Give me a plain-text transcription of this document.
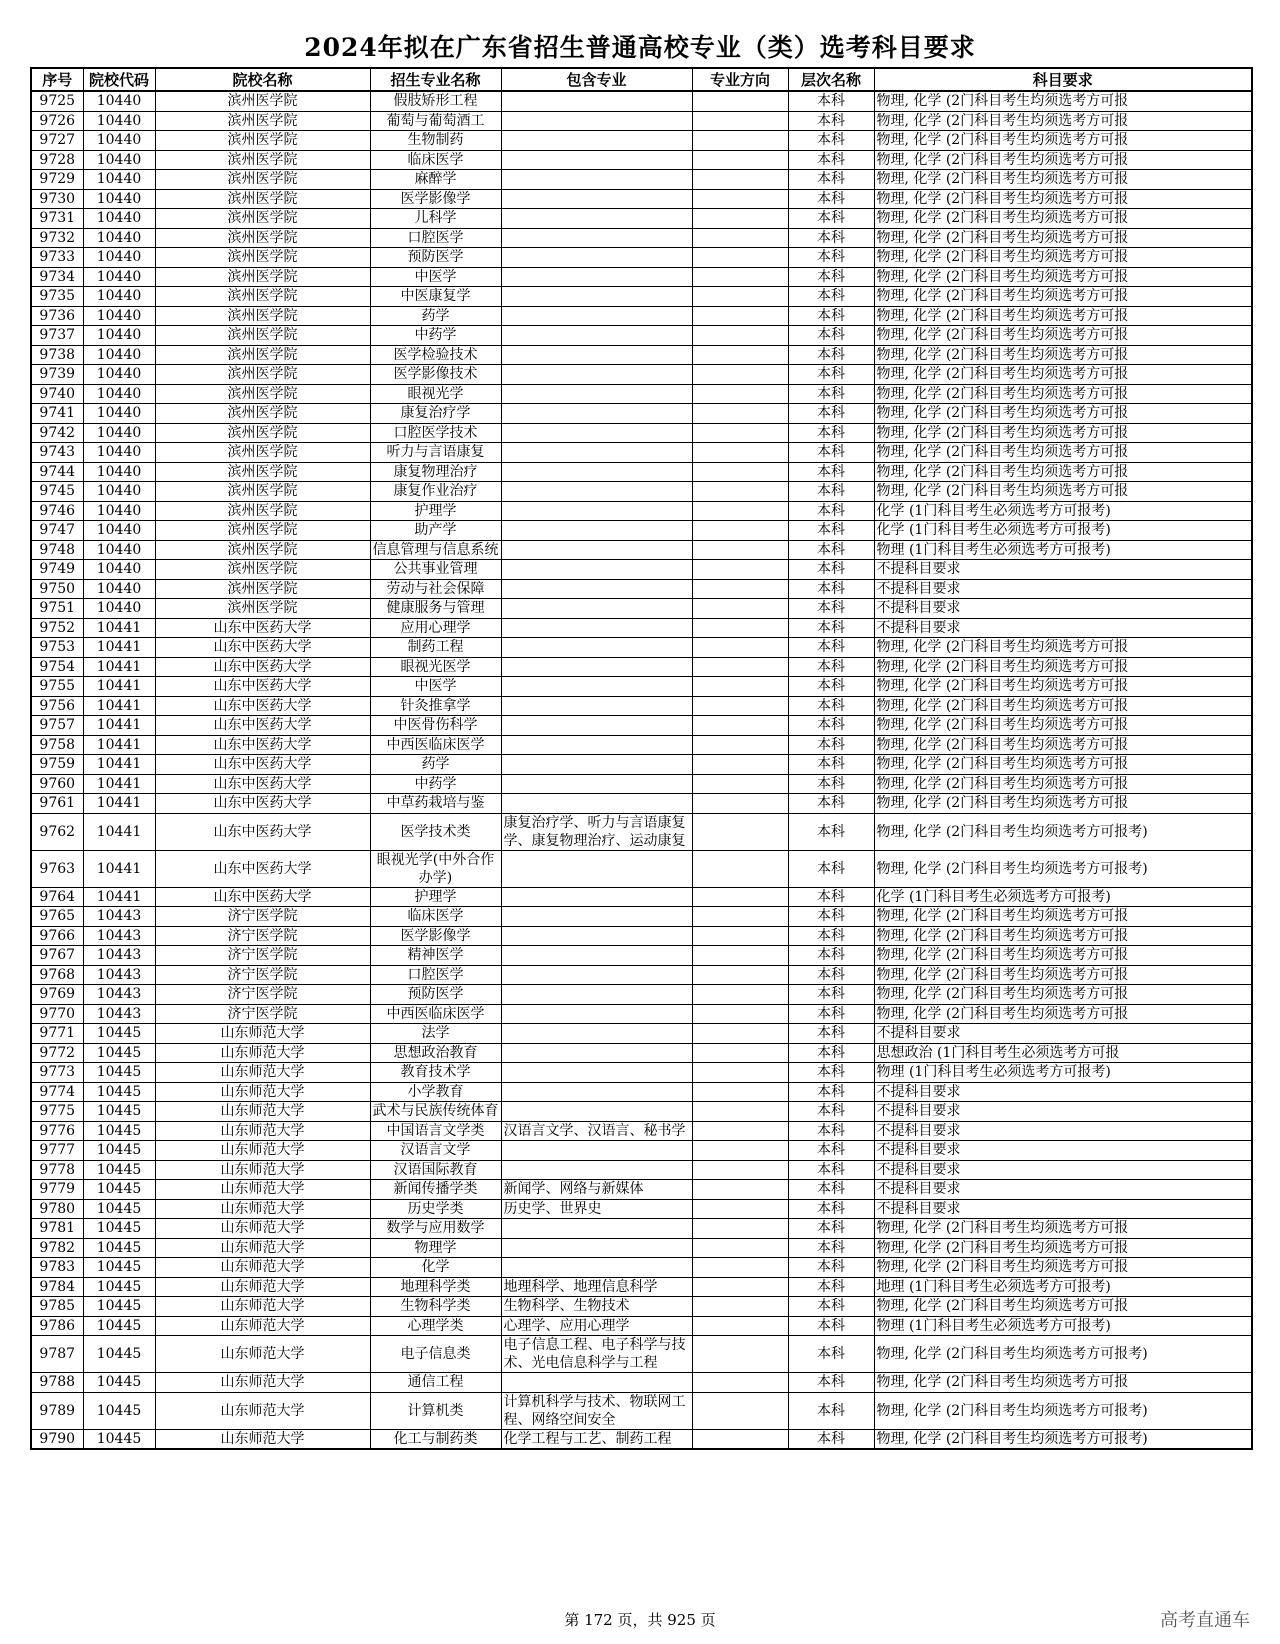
2024年拟在广东省招生普通高校专业（类）选考科目要求
序号	院校代码	院校名称	招生专业名称	包含专业	专业方向	层次名称	科目要求
9725	10440	滨州医学院	假肢矫形工程			本科	物理, 化学 (2门科目考生均须选考方可报
9726	10440	滨州医学院	葡萄与葡萄酒工			本科	物理, 化学 (2门科目考生均须选考方可报
9727	10440	滨州医学院	生物制药			本科	物理, 化学 (2门科目考生均须选考方可报
9728	10440	滨州医学院	临床医学			本科	物理, 化学 (2门科目考生均须选考方可报
9729	10440	滨州医学院	麻醉学			本科	物理, 化学 (2门科目考生均须选考方可报
9730	10440	滨州医学院	医学影像学			本科	物理, 化学 (2门科目考生均须选考方可报
9731	10440	滨州医学院	儿科学			本科	物理, 化学 (2门科目考生均须选考方可报
9732	10440	滨州医学院	口腔医学			本科	物理, 化学 (2门科目考生均须选考方可报
9733	10440	滨州医学院	预防医学			本科	物理, 化学 (2门科目考生均须选考方可报
9734	10440	滨州医学院	中医学			本科	物理, 化学 (2门科目考生均须选考方可报
9735	10440	滨州医学院	中医康复学			本科	物理, 化学 (2门科目考生均须选考方可报
9736	10440	滨州医学院	药学			本科	物理, 化学 (2门科目考生均须选考方可报
9737	10440	滨州医学院	中药学			本科	物理, 化学 (2门科目考生均须选考方可报
9738	10440	滨州医学院	医学检验技术			本科	物理, 化学 (2门科目考生均须选考方可报
9739	10440	滨州医学院	医学影像技术			本科	物理, 化学 (2门科目考生均须选考方可报
9740	10440	滨州医学院	眼视光学			本科	物理, 化学 (2门科目考生均须选考方可报
9741	10440	滨州医学院	康复治疗学			本科	物理, 化学 (2门科目考生均须选考方可报
9742	10440	滨州医学院	口腔医学技术			本科	物理, 化学 (2门科目考生均须选考方可报
9743	10440	滨州医学院	听力与言语康复			本科	物理, 化学 (2门科目考生均须选考方可报
9744	10440	滨州医学院	康复物理治疗			本科	物理, 化学 (2门科目考生均须选考方可报
9745	10440	滨州医学院	康复作业治疗			本科	物理, 化学 (2门科目考生均须选考方可报
9746	10440	滨州医学院	护理学			本科	化学 (1门科目考生必须选考方可报考)
9747	10440	滨州医学院	助产学			本科	化学 (1门科目考生必须选考方可报考)
9748	10440	滨州医学院	信息管理与信息系统			本科	物理 (1门科目考生必须选考方可报考)
9749	10440	滨州医学院	公共事业管理			本科	不提科目要求
9750	10440	滨州医学院	劳动与社会保障			本科	不提科目要求
9751	10440	滨州医学院	健康服务与管理			本科	不提科目要求
9752	10441	山东中医药大学	应用心理学			本科	不提科目要求
9753	10441	山东中医药大学	制药工程			本科	物理, 化学 (2门科目考生均须选考方可报
9754	10441	山东中医药大学	眼视光医学			本科	物理, 化学 (2门科目考生均须选考方可报
9755	10441	山东中医药大学	中医学			本科	物理, 化学 (2门科目考生均须选考方可报
9756	10441	山东中医药大学	针灸推拿学			本科	物理, 化学 (2门科目考生均须选考方可报
9757	10441	山东中医药大学	中医骨伤科学			本科	物理, 化学 (2门科目考生均须选考方可报
9758	10441	山东中医药大学	中西医临床医学			本科	物理, 化学 (2门科目考生均须选考方可报
9759	10441	山东中医药大学	药学			本科	物理, 化学 (2门科目考生均须选考方可报
9760	10441	山东中医药大学	中药学			本科	物理, 化学 (2门科目考生均须选考方可报
9761	10441	山东中医药大学	中草药栽培与鉴			本科	物理, 化学 (2门科目考生均须选考方可报
9762	10441	山东中医药大学	医学技术类	康复治疗学、听力与言语康复学、康复物理治疗、运动康复		本科	物理, 化学 (2门科目考生均须选考方可报考)
9763	10441	山东中医药大学	眼视光学(中外合作办学)			本科	物理, 化学 (2门科目考生均须选考方可报考)
9764	10441	山东中医药大学	护理学			本科	化学 (1门科目考生必须选考方可报考)
9765	10443	济宁医学院	临床医学			本科	物理, 化学 (2门科目考生均须选考方可报
9766	10443	济宁医学院	医学影像学			本科	物理, 化学 (2门科目考生均须选考方可报
9767	10443	济宁医学院	精神医学			本科	物理, 化学 (2门科目考生均须选考方可报
9768	10443	济宁医学院	口腔医学			本科	物理, 化学 (2门科目考生均须选考方可报
9769	10443	济宁医学院	预防医学			本科	物理, 化学 (2门科目考生均须选考方可报
9770	10443	济宁医学院	中西医临床医学			本科	物理, 化学 (2门科目考生均须选考方可报
9771	10445	山东师范大学	法学			本科	不提科目要求
9772	10445	山东师范大学	思想政治教育			本科	思想政治 (1门科目考生必须选考方可报
9773	10445	山东师范大学	教育技术学			本科	物理 (1门科目考生必须选考方可报考)
9774	10445	山东师范大学	小学教育			本科	不提科目要求
9775	10445	山东师范大学	武术与民族传统体育			本科	不提科目要求
9776	10445	山东师范大学	中国语言文学类	汉语言文学、汉语言、秘书学		本科	不提科目要求
9777	10445	山东师范大学	汉语言文学			本科	不提科目要求
9778	10445	山东师范大学	汉语国际教育			本科	不提科目要求
9779	10445	山东师范大学	新闻传播学类	新闻学、网络与新媒体		本科	不提科目要求
9780	10445	山东师范大学	历史学类	历史学、世界史		本科	不提科目要求
9781	10445	山东师范大学	数学与应用数学			本科	物理, 化学 (2门科目考生均须选考方可报
9782	10445	山东师范大学	物理学			本科	物理, 化学 (2门科目考生均须选考方可报
9783	10445	山东师范大学	化学			本科	物理, 化学 (2门科目考生均须选考方可报
9784	10445	山东师范大学	地理科学类	地理科学、地理信息科学		本科	地理 (1门科目考生必须选考方可报考)
9785	10445	山东师范大学	生物科学类	生物科学、生物技术		本科	物理, 化学 (2门科目考生均须选考方可报
9786	10445	山东师范大学	心理学类	心理学、应用心理学		本科	物理 (1门科目考生必须选考方可报考)
9787	10445	山东师范大学	电子信息类	电子信息工程、电子科学与技术、光电信息科学与工程		本科	物理, 化学 (2门科目考生均须选考方可报考)
9788	10445	山东师范大学	通信工程			本科	物理, 化学 (2门科目考生均须选考方可报
9789	10445	山东师范大学	计算机类	计算机科学与技术、物联网工程、网络空间安全		本科	物理, 化学 (2门科目考生均须选考方可报考)
9790	10445	山东师范大学	化工与制药类	化学工程与工艺、制药工程		本科	物理, 化学 (2门科目考生均须选考方可报考)
第 172 页，共 925 页	高考直通车
